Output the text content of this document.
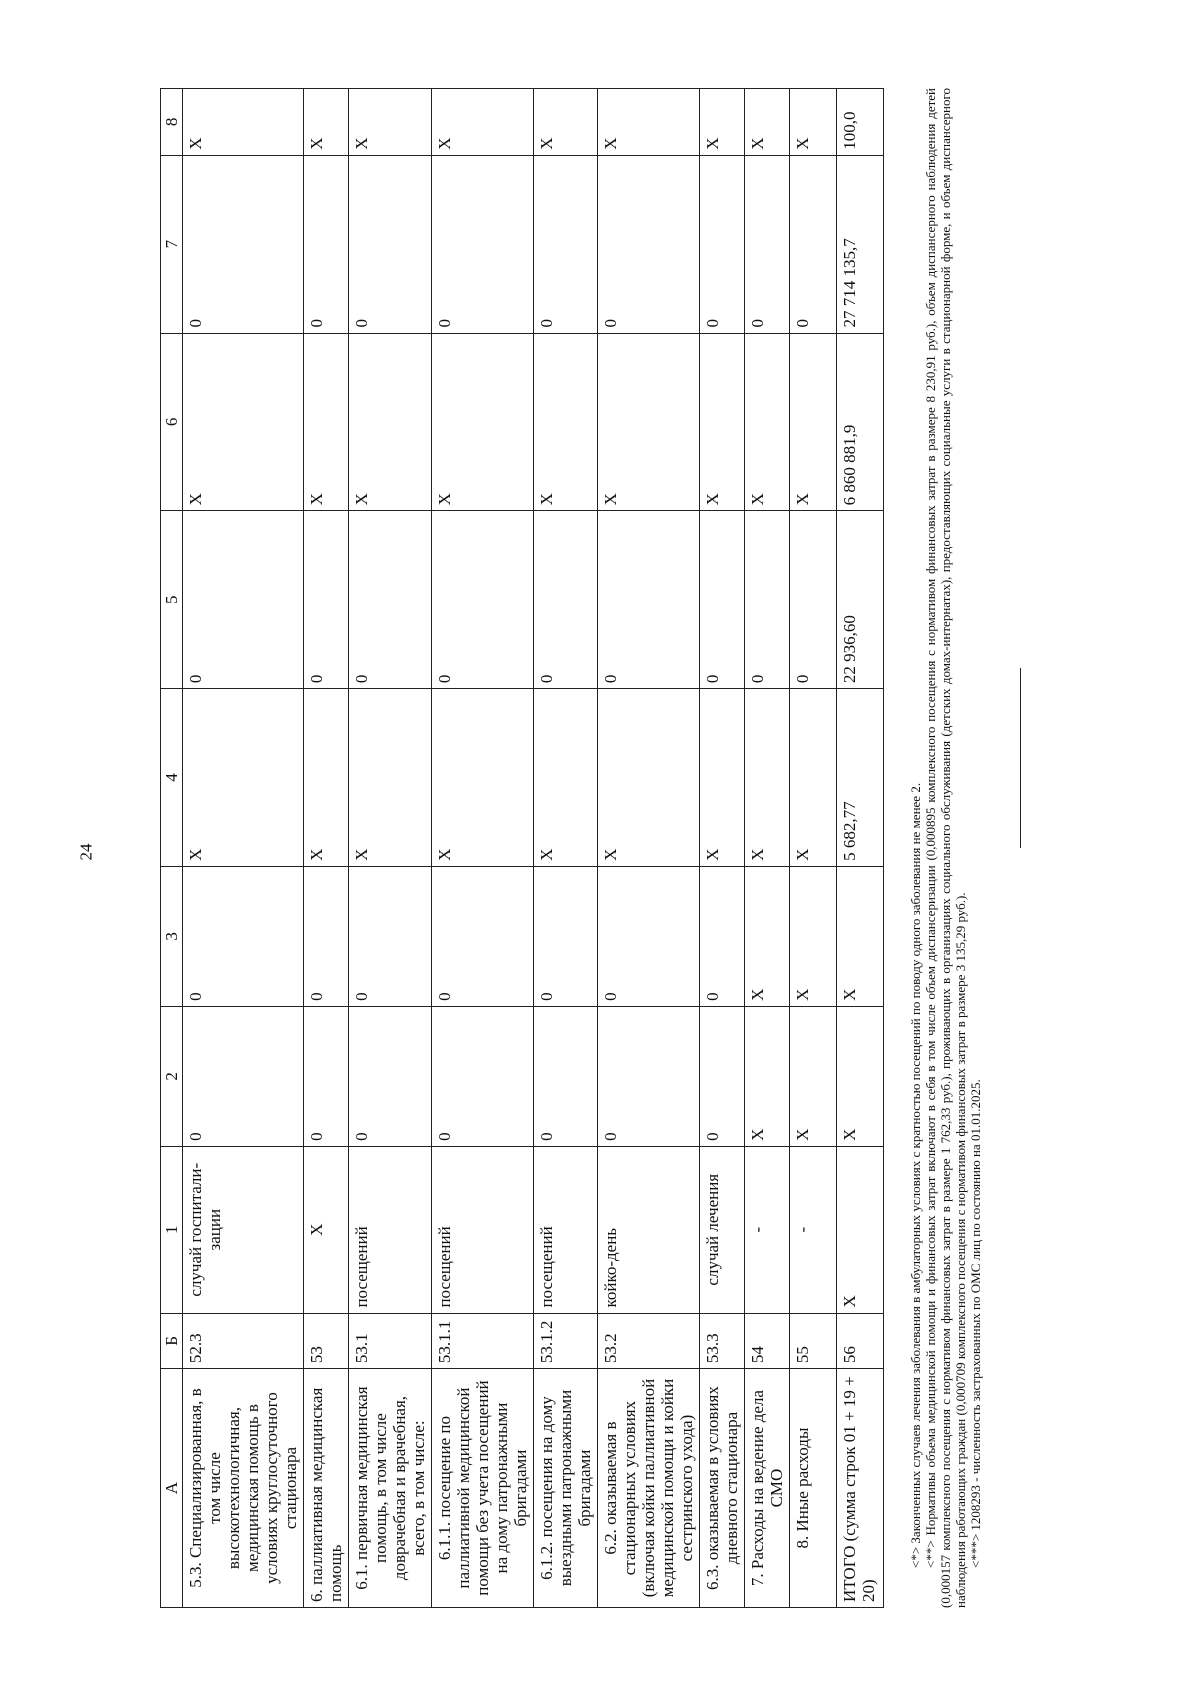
24
А	Б	1	2	3	4	5	6	7	8
5.3. Специализированная, в том числе высокотехнологичная, медицинская помощь в условиях круглосуточного стационара	52.3	случай госпитали-зации	0	0	X	0	X	0	X
6. паллиативная медицинская помощь	53	X	0	0	X	0	X	0	X
6.1. первичная медицинская помощь, в том числе доврачебная и врачебная, всего, в том числе:	53.1	посещений	0	0	X	0	X	0	X
6.1.1. посещение по паллиативной медицинской помощи без учета посещений на дому патронажными бригадами	53.1.1	посещений	0	0	X	0	X	0	X
6.1.2. посещения на дому выездными патронажными бригадами	53.1.2	посещений	0	0	X	0	X	0	X
6.2. оказываемая в стационарных условиях (включая койки паллиативной медицинской помощи и койки сестринского ухода)	53.2	койко-день	0	0	X	0	X	0	X
6.3. оказываемая в условиях дневного стационара	53.3	случай лечения	0	0	X	0	X	0	X
7. Расходы на ведение дела СМО	54	-	X	X	X	0	X	0	X
8. Иные расходы	55	-	X	X	X	0	X	0	X
ИТОГО (сумма строк 01 + 19 + 20)	56	X	X	X	5 682,77	22 936,60	6 860 881,9	27 714 135,7	100,0

<*> Законченных случаев лечения заболевания в амбулаторных условиях с кратностью посещений по поводу одного заболевания не менее 2. <**> Нормативы объема медицинской помощи и финансовых затрат включают в себя в том числе объем диспансеризации (0,000895 комплексного посещения с нормативом финансовых затрат в размере 8 230,91 руб.), объем диспансерного наблюдения детей (0,000157 комплексного посещения с нормативом финансовых затрат в размере 1 762,33 руб.), проживающих в организациях социального обслуживания (детских домах-интернатах), предоставляющих социальные услуги в стационарной форме, и объем диспансерного наблюдения работающих граждан (0,000709 комплексного посещения с нормативом финансовых затрат в размере 3 135,29 руб.). <***> 1208293 - численность застрахованных по ОМС лиц по состоянию на 01.01.2025.
